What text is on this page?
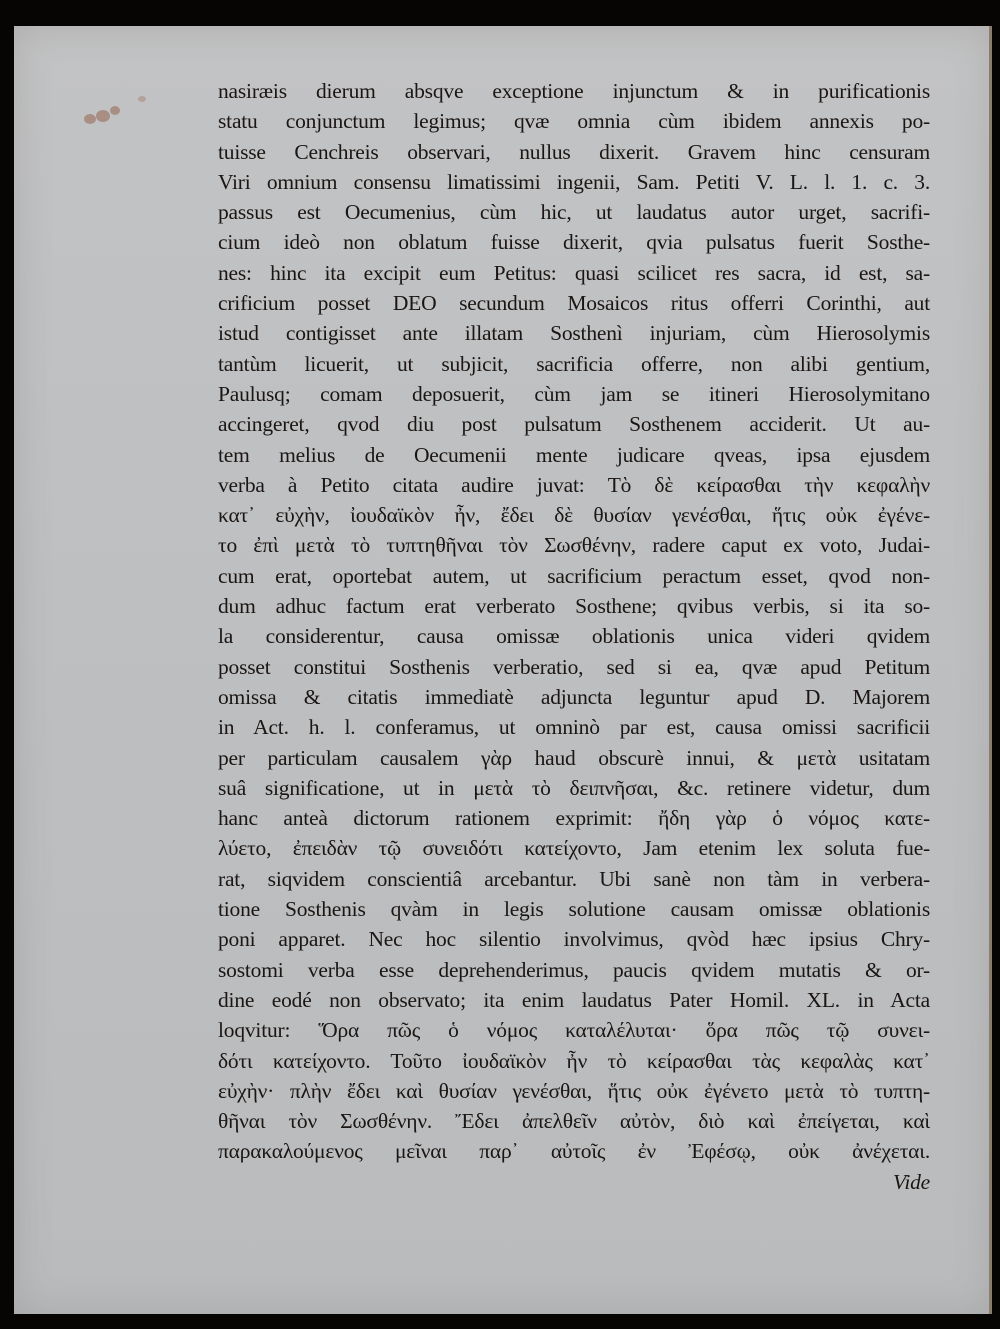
nasiræis dierum absqve exceptione injunctum & in purificationis
statu conjunctum legimus; qvæ omnia cùm ibidem annexis po-
tuisse Cenchreis observari, nullus dixerit. Gravem hinc censuram
Viri omnium consensu limatissimi ingenii, Sam. Petiti V. L. l. 1. c. 3.
passus est Oecumenius, cùm hic, ut laudatus autor urget, sacrifi-
cium ideò non oblatum fuisse dixerit, qvia pulsatus fuerit Sosthe-
nes: hinc ita excipit eum Petitus: quasi scilicet res sacra, id est, sa-
crificium posset DEO secundum Mosaicos ritus offerri Corinthi, aut
istud contigisset ante illatam Sosthenì injuriam, cùm Hierosolymis
tantùm licuerit, ut subjicit, sacrificia offerre, non alibi gentium,
Paulusq; comam deposuerit, cùm jam se itineri Hierosolymitano
accingeret, qvod diu post pulsatum Sosthenem acciderit. Ut au-
tem melius de Oecumenii mente judicare qveas, ipsa ejusdem
verba à Petito citata audire juvat: Τὸ δὲ κείρασθαι τὴν κεφαλὴν
κατ᾽ εὐχὴν, ἰουδαϊκὸν ἦν, ἔδει δὲ θυσίαν γενέσθαι, ἥτις οὐκ ἐγένε-
το ἐπὶ μετὰ τὸ τυπτηθῆναι τὸν Σωσθένην, radere caput ex voto, Judai-
cum erat, oportebat autem, ut sacrificium peractum esset, qvod non-
dum adhuc factum erat verberato Sosthene; qvibus verbis, si ita so-
la considerentur, causa omissæ oblationis unica videri qvidem
posset constitui Sosthenis verberatio, sed si ea, qvæ apud Petitum
omissa & citatis immediatè adjuncta leguntur apud D. Majorem
in Act. h. l. conferamus, ut omninò par est, causa omissi sacrificii
per particulam causalem γὰρ haud obscurè innui, & μετὰ usitatam
suâ significatione, ut in μετὰ τὸ δειπνῆσαι, &c. retinere videtur, dum
hanc anteà dictorum rationem exprimit: ἤδη γὰρ ὁ νόμος κατε-
λύετο, ἐπειδὰν τῷ συνειδότι κατείχοντο, Jam etenim lex soluta fue-
rat, siqvidem conscientiâ arcebantur. Ubi sanè non tàm in verbera-
tione Sosthenis qvàm in legis solutione causam omissæ oblationis
poni apparet. Nec hoc silentio involvimus, qvòd hæc ipsius Chry-
sostomi verba esse deprehenderimus, paucis qvidem mutatis & or-
dine eodé non observato; ita enim laudatus Pater Homil. XL. in Acta
loqvitur: Ὅρα πῶς ὁ νόμος καταλέλυται· ὅρα πῶς τῷ συνει-
δότι κατείχοντο. Τοῦτο ἰουδαϊκὸν ἦν τὸ κείρασθαι τὰς κεφαλὰς κατ᾽
εὐχὴν· πλὴν ἔδει καὶ θυσίαν γενέσθαι, ἥτις οὐκ ἐγένετο μετὰ τὸ τυπτη-
θῆναι τὸν Σωσθένην. Ἔδει ἀπελθεῖν αὐτὸν, διὸ καὶ ἐπείγεται, καὶ
παρακαλούμενος μεῖναι παρ᾽ αὐτοῖς ἐν Ἐφέσῳ, οὐκ ἀνέχεται.
Vide
